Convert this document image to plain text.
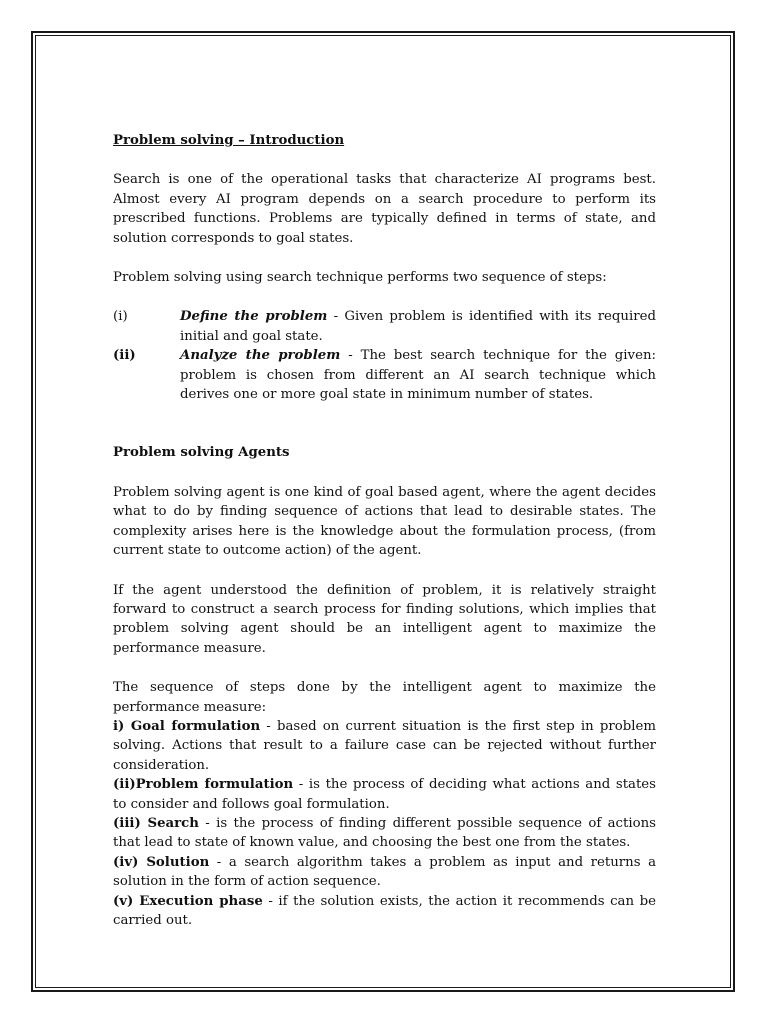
Problem solving – Introduction

Search is one of the operational tasks that characterize AI programs best. Almost every AI program depends on a search procedure to perform its prescribed functions. Problems are typically defined in terms of state, and solution corresponds to goal states.

Problem solving using search technique performs two sequence of steps:

(i)	Define the problem - Given problem is identified with its required initial and goal state.
(ii)	Analyze the problem - The best search technique for the given: problem is chosen from different an AI search technique which derives one or more goal state in minimum number of states.

Problem solving Agents

Problem solving agent is one kind of goal based agent, where the agent decides what to do by finding sequence of actions that lead to desirable states. The complexity arises here is the knowledge about the formulation process, (from current state to outcome action) of the agent.

If the agent understood the definition of problem, it is relatively straight forward to construct a search process for finding solutions, which implies that problem solving agent should be an intelligent agent to maximize the performance measure.

The sequence of steps done by the intelligent agent to maximize the performance measure:

i) Goal formulation - based on current situation is the first step in problem solving. Actions that result to a failure case can be rejected without further consideration.

(ii)Problem formulation - is the process of deciding what actions and states to consider and follows goal formulation.

(iii) Search - is the process of finding different possible sequence of actions that lead to state of known value, and choosing the best one from the states.

(iv) Solution - a search algorithm takes a problem as input and returns a solution in the form of action sequence.

(v) Execution phase - if the solution exists, the action it recommends can be carried out.
